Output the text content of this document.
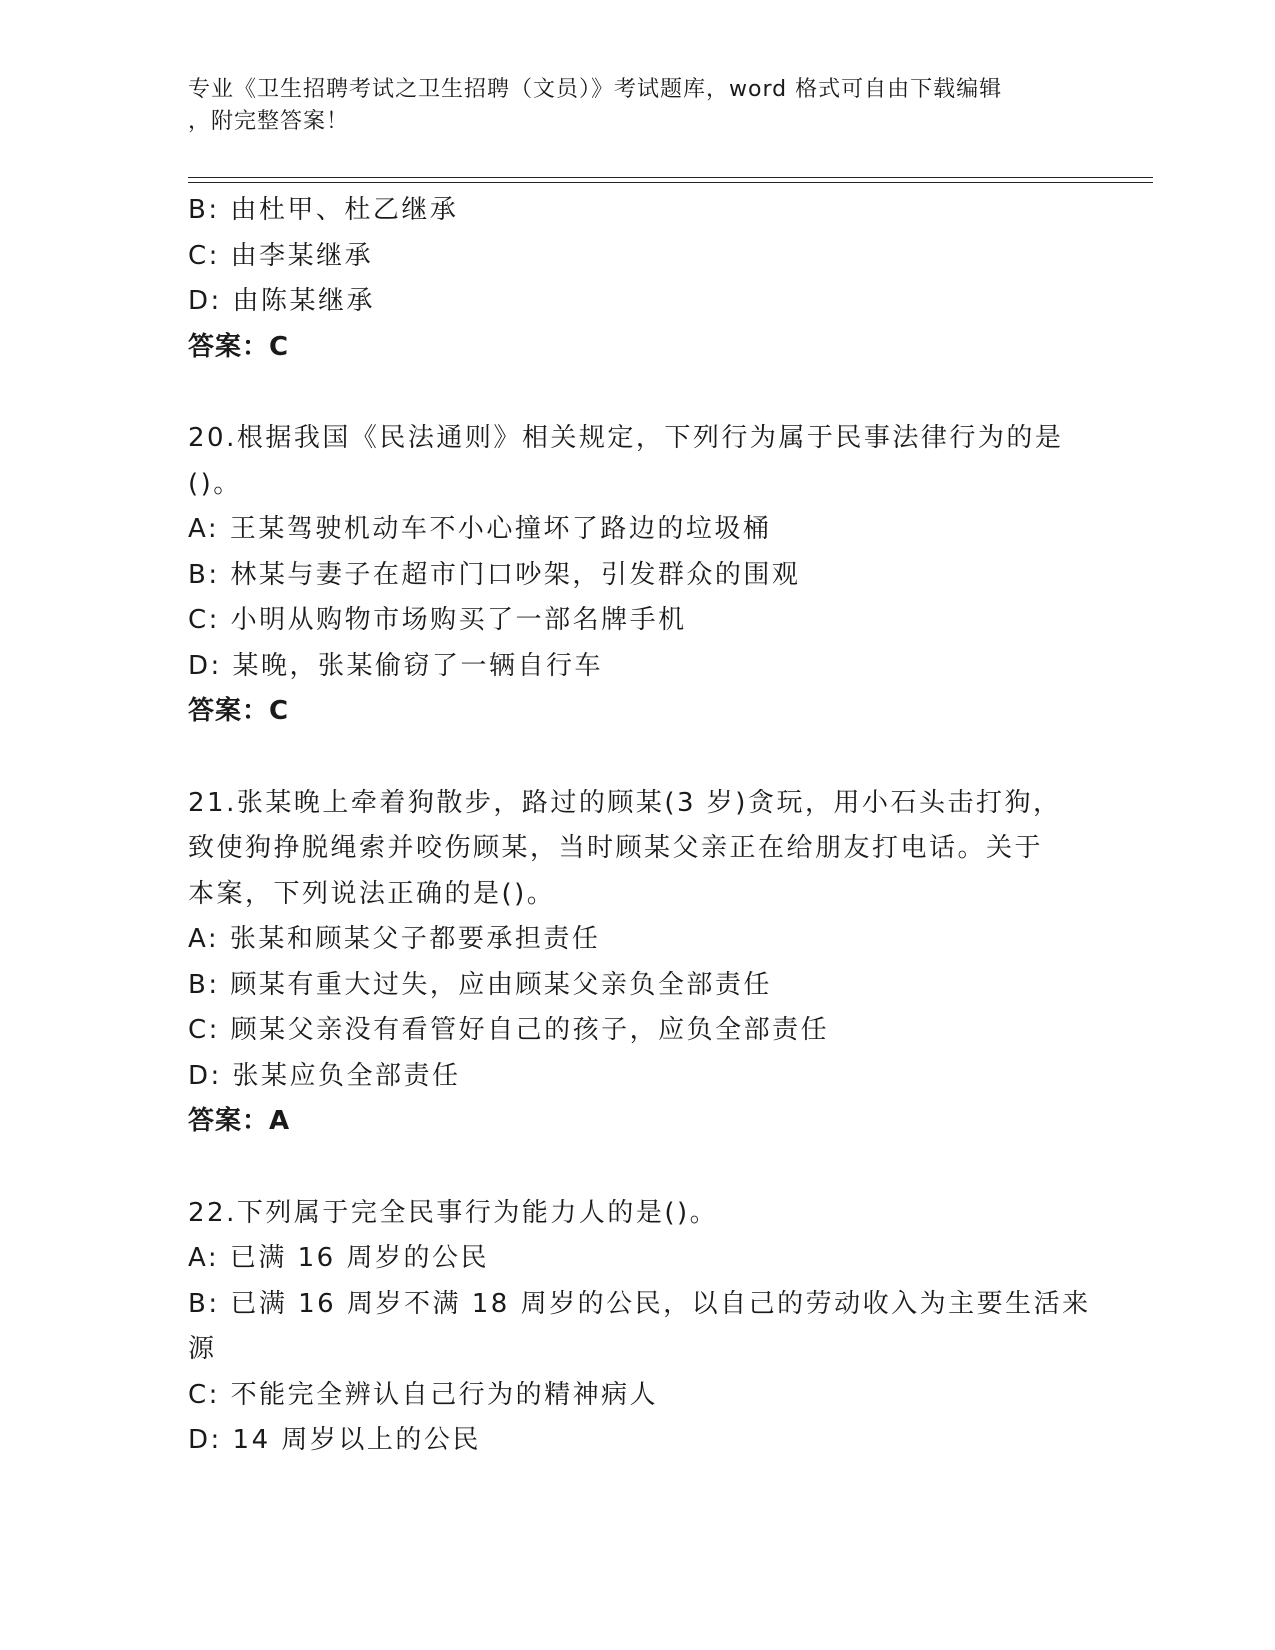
专业《卫生招聘考试之卫生招聘（文员）》考试题库，word 格式可自由下载编辑
，附完整答案！
B: 由杜甲、杜乙继承
C: 由李某继承
D: 由陈某继承
答案：C
20.根据我国《民法通则》相关规定，下列行为属于民事法律行为的是
()。
A: 王某驾驶机动车不小心撞坏了路边的垃圾桶
B: 林某与妻子在超市门口吵架，引发群众的围观
C: 小明从购物市场购买了一部名牌手机
D: 某晚，张某偷窃了一辆自行车
答案：C
21.张某晚上牵着狗散步，路过的顾某(3 岁)贪玩，用小石头击打狗，
致使狗挣脱绳索并咬伤顾某，当时顾某父亲正在给朋友打电话。关于
本案，下列说法正确的是()。
A: 张某和顾某父子都要承担责任
B: 顾某有重大过失，应由顾某父亲负全部责任
C: 顾某父亲没有看管好自己的孩子，应负全部责任
D: 张某应负全部责任
答案：A
22.下列属于完全民事行为能力人的是()。
A: 已满 16 周岁的公民
B: 已满 16 周岁不满 18 周岁的公民，以自己的劳动收入为主要生活来
源
C: 不能完全辨认自己行为的精神病人
D: 14 周岁以上的公民
